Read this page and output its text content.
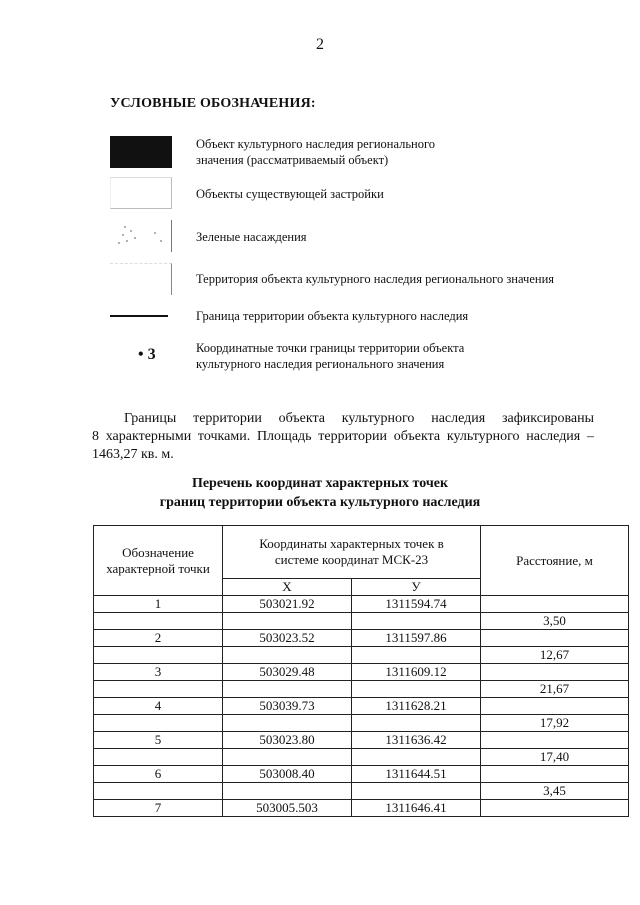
2
УСЛОВНЫЕ ОБОЗНАЧЕНИЯ:
Объект культурного наследия регионального
значения (рассматриваемый объект)
Объекты существующей застройки
Зеленые насаждения
Территория объекта культурного наследия регионального значения
Граница территории объекта культурного наследия
• 3	Координатные точки границы территории объекта
культурного наследия регионального значения
Границы территории объекта культурного наследия зафиксированы
8 характерными точками. Площадь территории объекта культурного наследия –
1463,27 кв. м.
Перечень координат характерных точек
границ территории объекта культурного наследия
Обозначение характерной точки	Координаты характерных точек в системе координат МСК-23		Расстояние, м
	X	У	
1	503021.92	1311594.74	
			3,50
2	503023.52	1311597.86	
			12,67
3	503029.48	1311609.12	
			21,67
4	503039.73	1311628.21	
			17,92
5	503023.80	1311636.42	
			17,40
6	503008.40	1311644.51	
			3,45
7	503005.503	1311646.41	
